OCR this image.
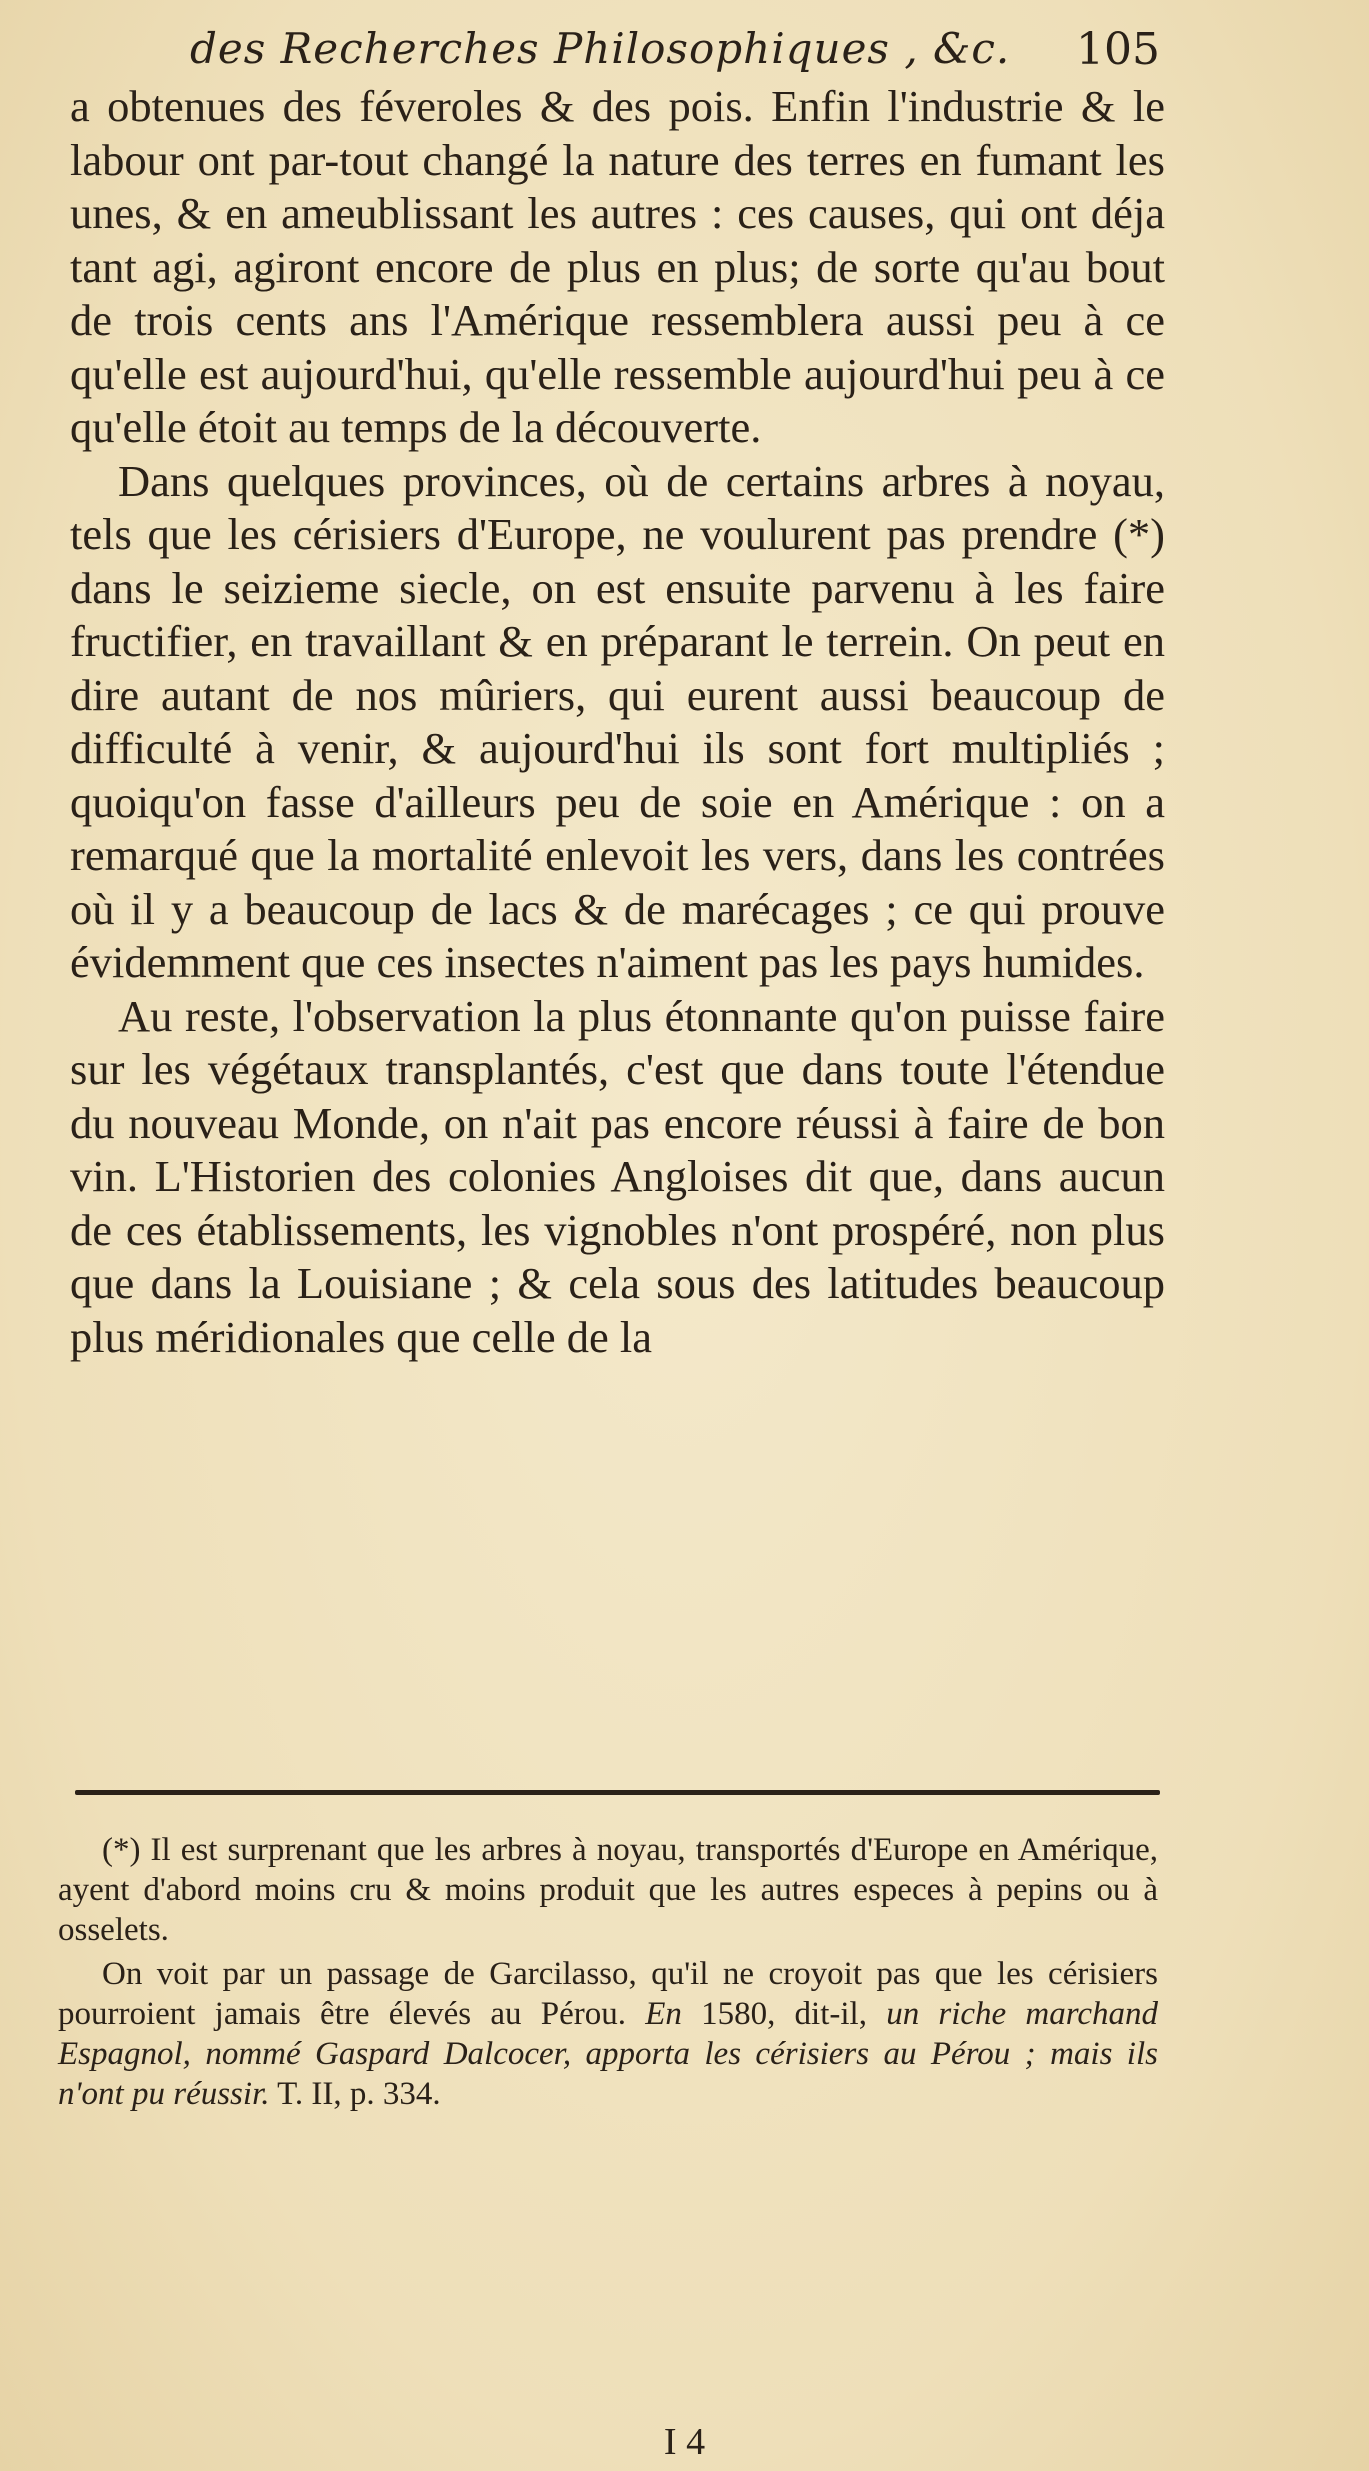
des Recherches Philosophiques , &c. 105

a obtenues des féveroles & des pois. Enfin l'industrie & le labour ont par-tout changé la nature des terres en fumant les unes, & en ameublissant les autres : ces causes, qui ont déja tant agi, agiront encore de plus en plus; de sorte qu'au bout de trois cents ans l'Amérique ressemblera aussi peu à ce qu'elle est aujourd'hui, qu'elle ressemble aujourd'hui peu à ce qu'elle étoit au temps de la découverte.

Dans quelques provinces, où de certains arbres à noyau, tels que les cérisiers d'Europe, ne voulurent pas prendre (*) dans le seizieme siecle, on est ensuite parvenu à les faire fructifier, en travaillant & en préparant le terrein. On peut en dire autant de nos mûriers, qui eurent aussi beaucoup de difficulté à venir, & aujourd'hui ils sont fort multipliés ; quoiqu'on fasse d'ailleurs peu de soie en Amérique : on a remarqué que la mortalité enlevoit les vers, dans les contrées où il y a beaucoup de lacs & de marécages ; ce qui prouve évidemment que ces insectes n'aiment pas les pays humides.

Au reste, l'observation la plus étonnante qu'on puisse faire sur les végétaux transplantés, c'est que dans toute l'étendue du nouveau Monde, on n'ait pas encore réussi à faire de bon vin. L'Historien des colonies Angloises dit que, dans aucun de ces établissements, les vignobles n'ont prospéré, non plus que dans la Louisiane ; & cela sous des latitudes beaucoup plus méridionales que celle de la

(*) Il est surprenant que les arbres à noyau, transportés d'Europe en Amérique, ayent d'abord moins cru & moins produit que les autres especes à pepins ou à osselets.

On voit par un passage de Garcilasso, qu'il ne croyoit pas que les cérisiers pourroient jamais être élevés au Pérou. En 1580, dit-il, un riche marchand Espagnol, nommé Gaspard Dalcocer, apporta les cérisiers au Pérou ; mais ils n'ont pu réussir. T. II, p. 334.

I 4
